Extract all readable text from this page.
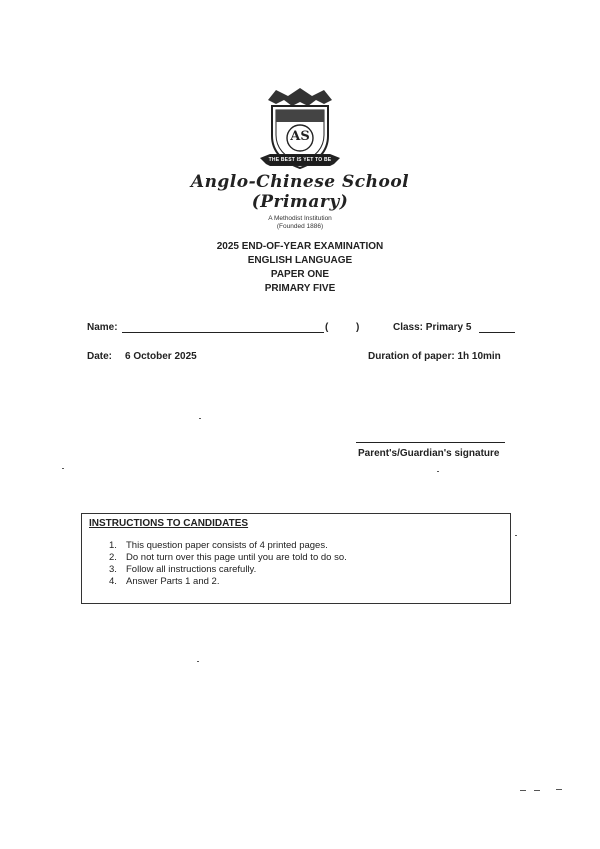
AS
THE BEST IS YET TO BE
Anglo-Chinese School
(Primary)
A Methodist Institution
(Founded 1886)
2025 END-OF-YEAR EXAMINATION
ENGLISH LANGUAGE
PAPER ONE
PRIMARY FIVE
Name:	(	)	Class: Primary 5
Date: 6 October 2025	Duration of paper: 1h 10min
Parent's/Guardian's signature
INSTRUCTIONS TO CANDIDATES
1. This question paper consists of 4 printed pages.
2. Do not turn over this page until you are told to do so.
3. Follow all instructions carefully.
4. Answer Parts 1 and 2.
